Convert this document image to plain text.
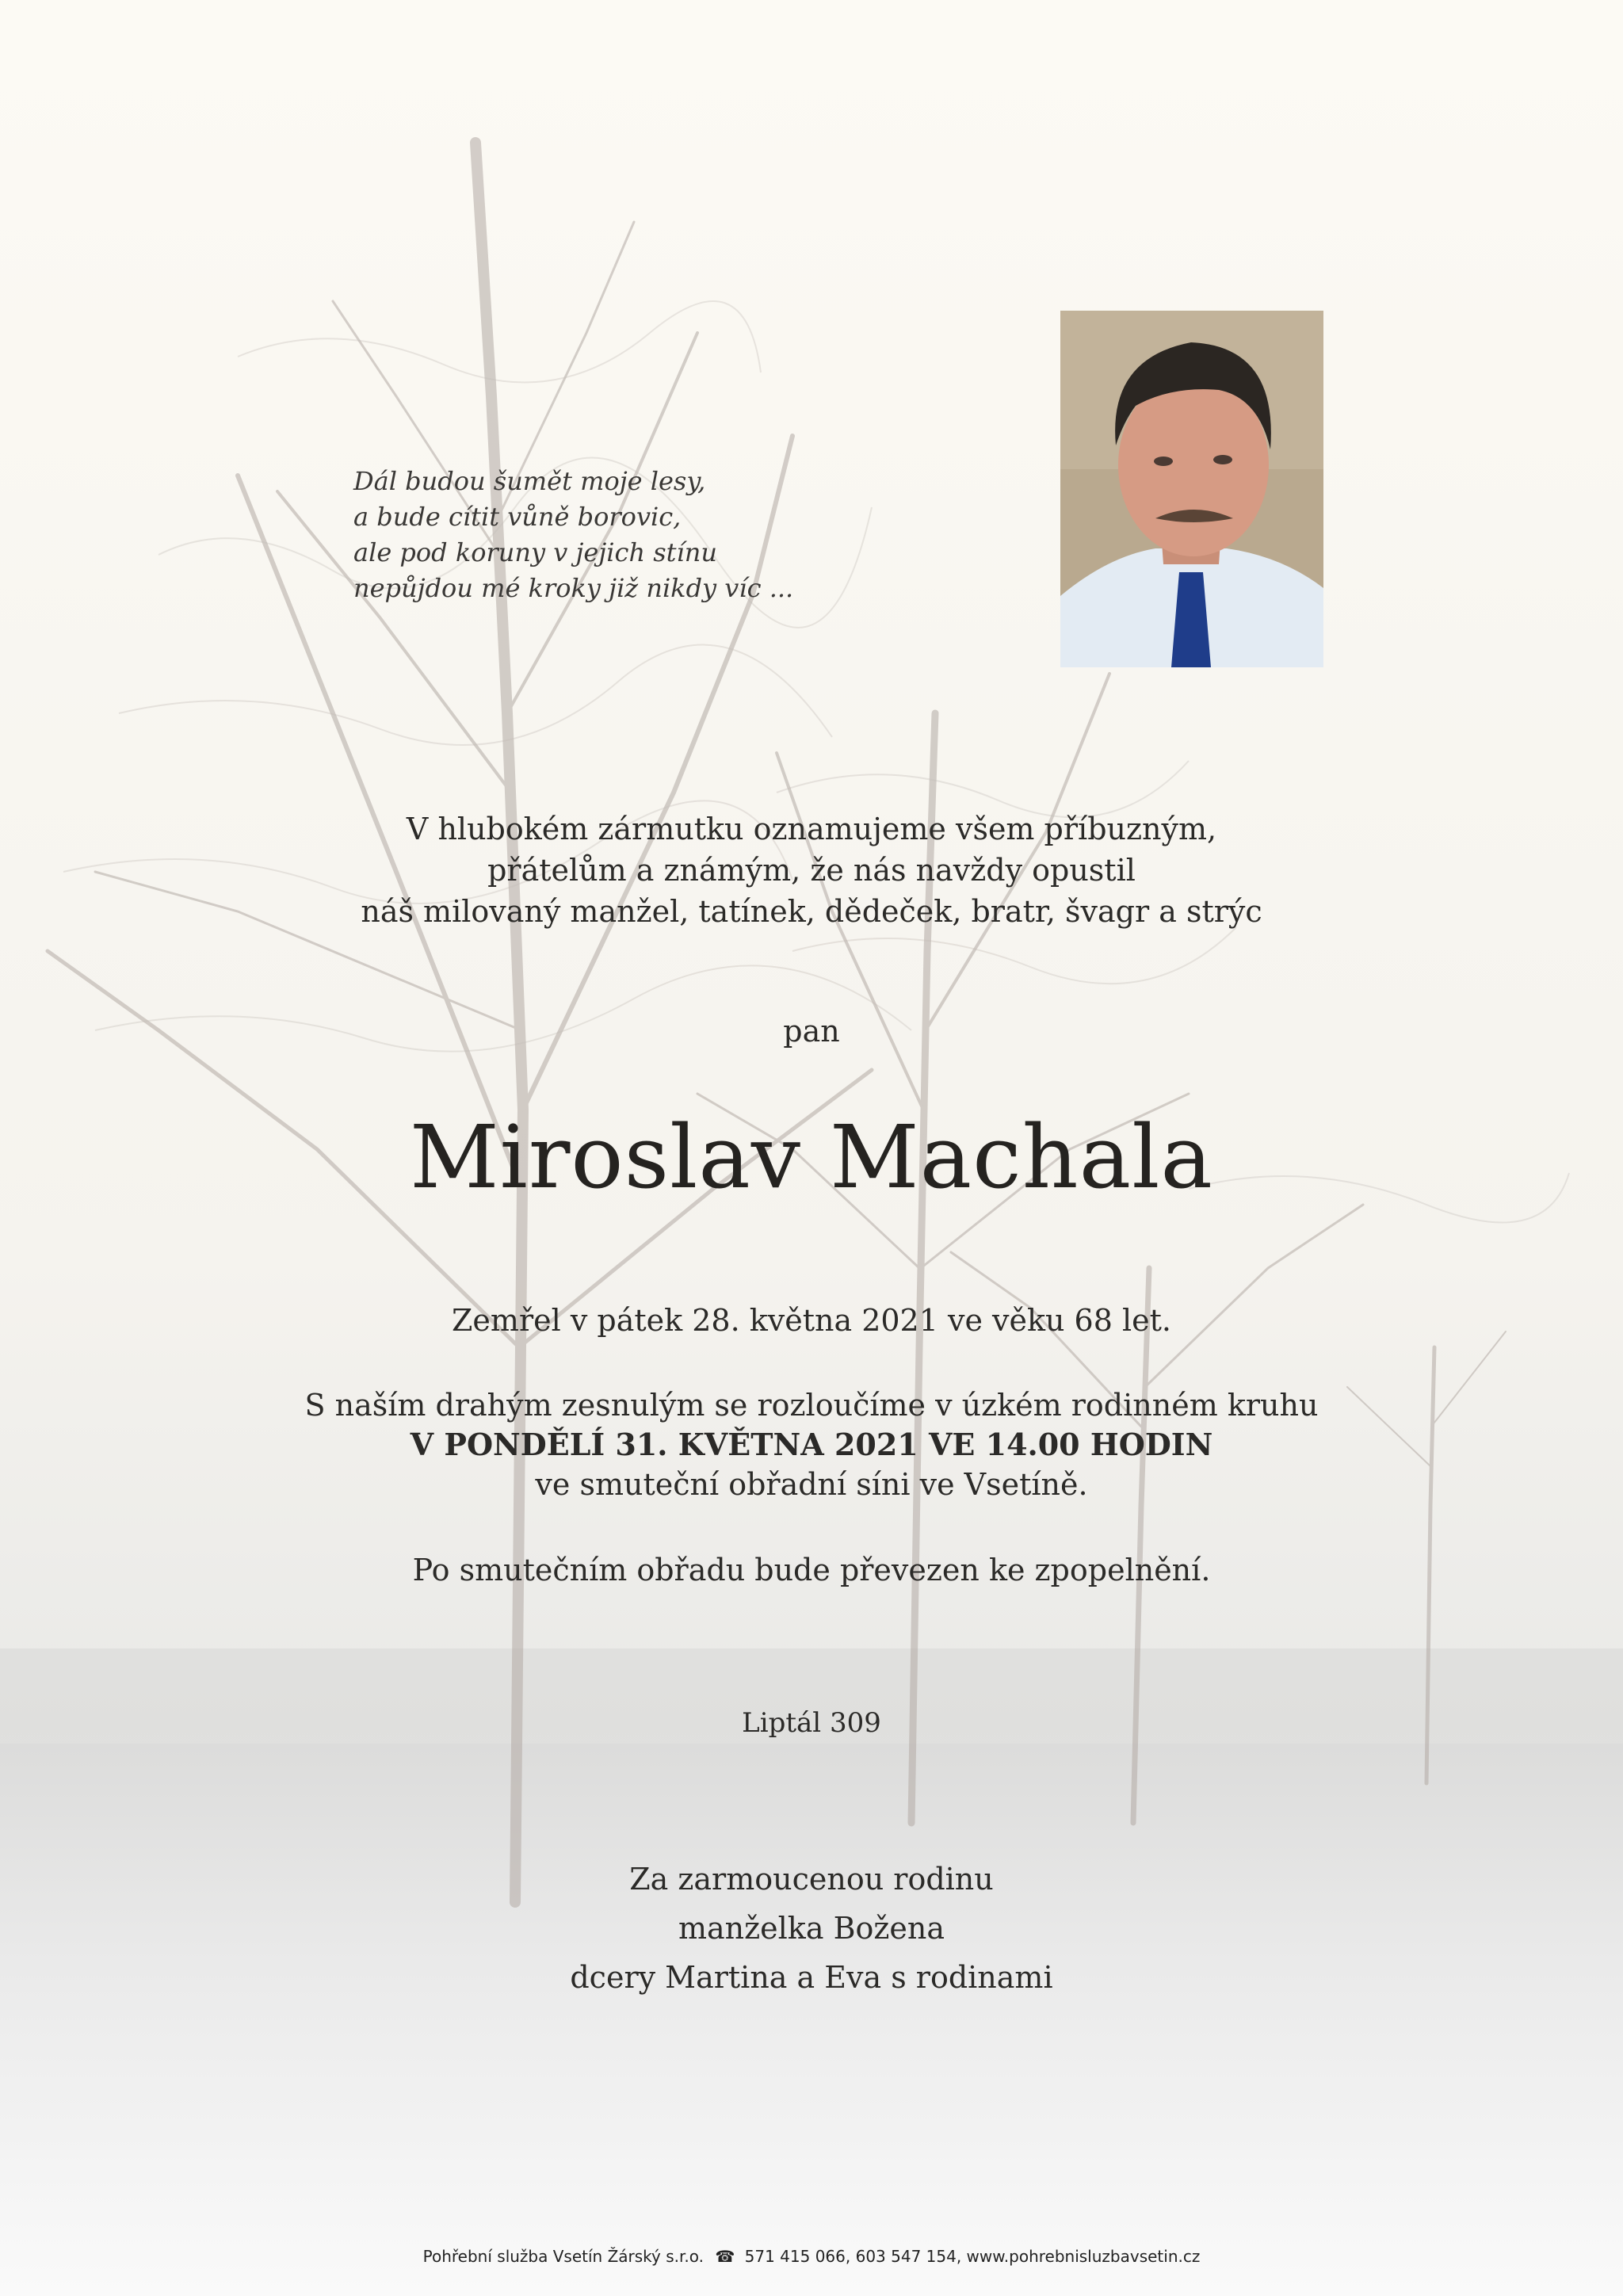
Dál budou šumět moje lesy,
a bude cítit vůně borovic,
ale pod koruny v jejich stínu
nepůjdou mé kroky již nikdy víc ...
V hlubokém zármutku oznamujeme všem příbuzným,
přátelům a známým, že nás navždy opustil
náš milovaný manžel, tatínek, dědeček, bratr, švagr a strýc
pan
Miroslav Machala
Zemřel v pátek 28. května 2021 ve věku 68 let.
S naším drahým zesnulým se rozloučíme v úzkém rodinném kruhu
V PONDĚLÍ 31. KVĚTNA 2021 VE 14.00 HODIN
ve smuteční obřadní síni ve Vsetíně.
Po smutečním obřadu bude převezen ke zpopelnění.
Liptál 309
Za zarmoucenou rodinu
manželka Božena
dcery Martina a Eva s rodinami
Pohřební služba Vsetín Žárský s.r.o. ☎ 571 415 066, 603 547 154, www.pohrebnisluzbavsetin.cz
